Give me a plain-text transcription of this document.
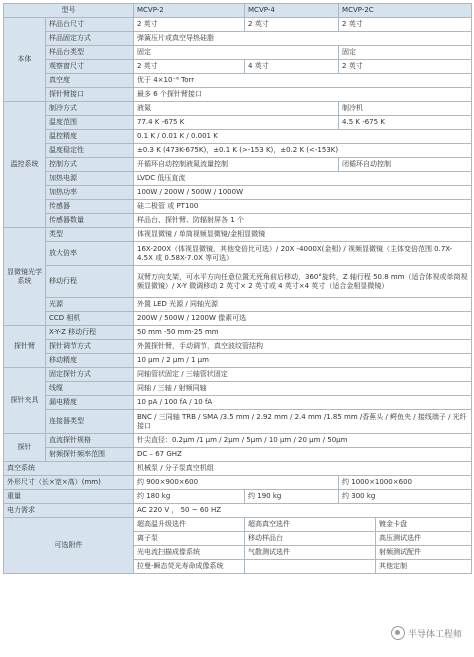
型号		MCVP-2	MCVP-4	MCVP-2C	
本体	样品台尺寸	2 英寸	2 英寸	2 英寸	
	样品固定方式	弹簧压片或真空导热硅脂			
	样品台类型	固定		固定	
	观察窗尺寸	2 英寸	4 英寸	2 英寸	
	真空度	优于 4×10⁻⁶ Torr			
	探针臂接口	最多 6 个探针臂接口			
温控系统	制冷方式	液氮		制冷机	
	温度范围	77.4 K -675 K		4.5 K -675 K	
	温控精度	0.1 K / 0.01 K / 0.001 K			
	温度稳定性	±0.3 K (473K-675K)，±0.1 K (>-153 K)，±0.2 K (<-153K)			
	控制方式	开循环自动控制液氮流量控制		闭循环自动控制	
	加热电源	LVDC 低压直流			
	加热功率	100W / 200W / 500W / 1000W			
	传感器	硅二极管 或 PT100			
	传感器数量	样品台、探针臂、防辐射屏各 1 个			
显微镜光学系统	类型	体视显微镜 / 单筒视频显微镜/金相显微镜			
	放大倍率	16X-200X（体视显微镜，其他变倍比可选）/ 20X -4000X(金相) / 视频显微镜（主体变倍范围 0.7X-4.5X 或 0.58X-7.0X 等可选）			
	移动行程	双臂万向支架，可水平方向任意位置无死角前后移动，360°旋转，Z 轴行程 50.8 mm（适合体视或单筒视频显微镜）/ X-Y 微调移动 2 英寸× 2 英寸或 4 英寸×4 英寸（适合金相显微镜）			
	光源	外置 LED 光源 / 同轴光源			
	CCD 相机	200W / 500W / 1200W 像素可选			
探针臂	X-Y-Z 移动行程	50 mm -50 mm-25 mm			
	探针调节方式	外置探针臂，手动调节，真空波纹管结构			
	移动精度	10 μm / 2 μm / 1 μm			
探针夹具	固定探针方式	同轴管状固定 / 三轴管状固定			
	线缆	同轴 / 三轴 / 射频同轴			
	漏电精度	10 pA / 100 fA / 10 fA			
	连接器类型	BNC / 三同轴 TRB / SMA /3.5 mm / 2.92 mm / 2.4 mm /1.85 mm /香蕉头 / 鳄鱼夹 / 接线端子 / 光纤接口			
探针	直流探针规格	针尖直径：0.2μm /1 μm / 2μm / 5μm / 10 μm / 20 μm / 50μm			
	射频探针频率范围	DC – 67 GHZ			
真空系统		机械泵 / 分子泵真空机组			
外形尺寸（长×宽×高）(mm)		约 900×900×600		约 1000×1000×600	
重量		约 180 kg	约 190 kg	约 300 kg	
电力需求		AC 220 V ， 50 ~ 60 HZ			
可选附件		超高温升级选件	超高真空选件		镀金卡盘
		离子泵	移动样品台		高压测试选件
		光电流扫描成像系统	气散测试选件		射频测试配件
		拉曼-瞬态荧光寿命成像系统			其他定制
半导体工程师
